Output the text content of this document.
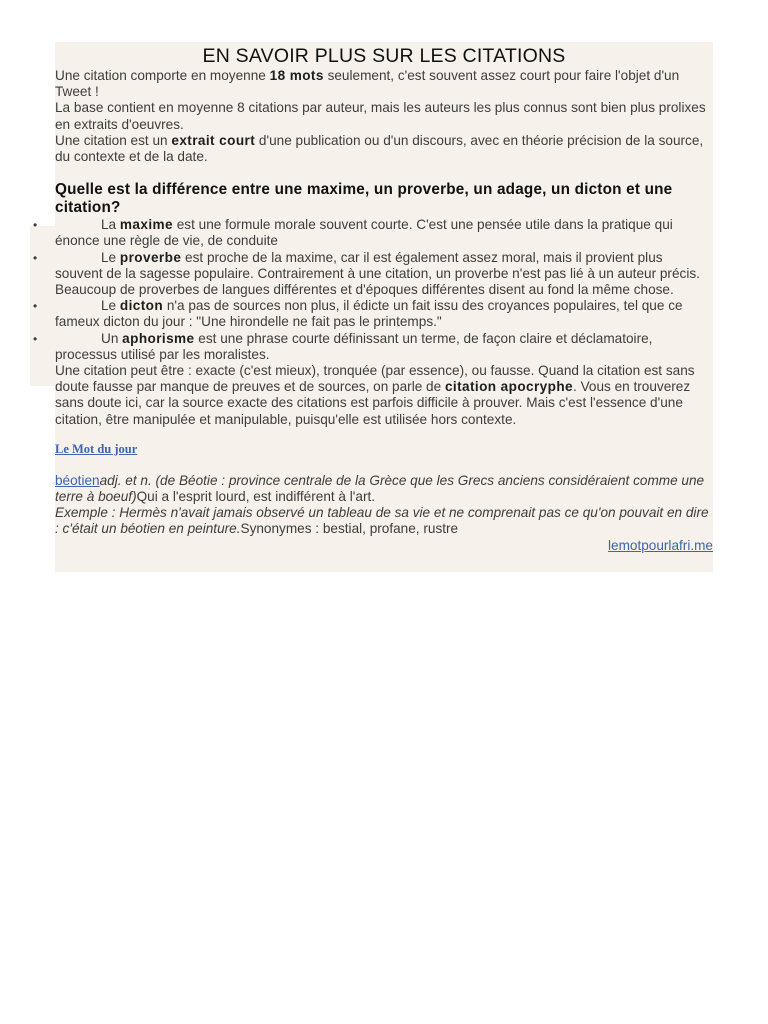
EN SAVOIR PLUS SUR LES CITATIONS

Une citation comporte en moyenne 18 mots seulement, c'est souvent assez court pour faire l'objet d'un Tweet !

La base contient en moyenne 8 citations par auteur, mais les auteurs les plus connus sont bien plus prolixes en extraits d'oeuvres.

Une citation est un extrait court d'une publication ou d'un discours, avec en théorie précision de la source, du contexte et de la date.

Quelle est la différence entre une maxime, un proverbe, un adage, un dicton et une citation?
•	La maxime est une formule morale souvent courte. C'est une pensée utile dans la pratique qui énonce une règle de vie, de conduite
•	Le proverbe est proche de la maxime, car il est également assez moral, mais il provient plus souvent de la sagesse populaire. Contrairement à une citation, un proverbe n'est pas lié à un auteur précis. Beaucoup de proverbes de langues différentes et d'époques différentes disent au fond la même chose.
•	Le dicton n'a pas de sources non plus, il édicte un fait issu des croyances populaires, tel que ce fameux dicton du jour : "Une hirondelle ne fait pas le printemps."
•	Un aphorisme est une phrase courte définissant un terme, de façon claire et déclamatoire, processus utilisé par les moralistes.

Une citation peut être : exacte (c'est mieux), tronquée (par essence), ou fausse. Quand la citation est sans doute fausse par manque de preuves et de sources, on parle de citation apocryphe. Vous en trouverez sans doute ici, car la source exacte des citations est parfois difficile à prouver. Mais c'est l'essence d'une citation, être manipulée et manipulable, puisqu'elle est utilisée hors contexte.

Le Mot du jour

béotienadj. et n. (de Béotie : province centrale de la Grèce que les Grecs anciens considéraient comme une terre à boeuf)Qui a l'esprit lourd, est indifférent à l'art.

Exemple : Hermès n'avait jamais observé un tableau de sa vie et ne comprenait pas ce qu'on pouvait en dire : c'était un béotien en peinture.Synonymes : bestial, profane, rustre

lemotpourlafri.me
